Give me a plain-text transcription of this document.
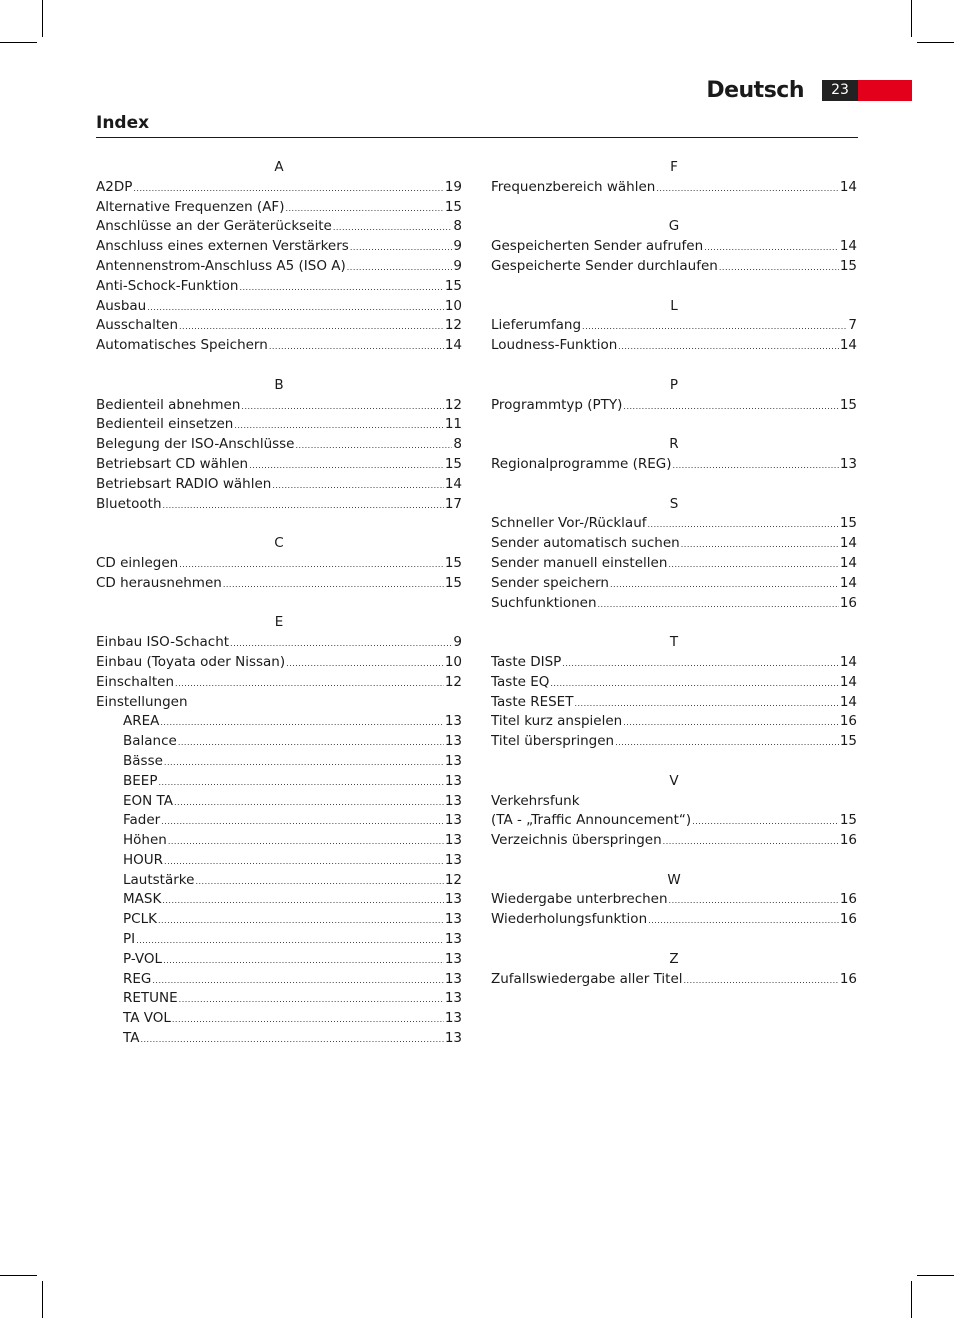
Deutsch	23
Index
A
A2DP .....	19
Alternative Frequenzen (AF) .....	15
Anschlüsse an der Geräterückseite .....	8
Anschluss eines externen Verstärkers .....	9
Antennenstrom-Anschluss A5 (ISO A) .....	9
Anti-Schock-Funktion .....	15
Ausbau .....	10
Ausschalten .....	12
Automatisches Speichern .....	14
B
Bedienteil abnehmen .....	12
Bedienteil einsetzen .....	11
Belegung der ISO-Anschlüsse .....	8
Betriebsart CD wählen .....	15
Betriebsart RADIO wählen .....	14
Bluetooth .....	17
C
CD einlegen .....	15
CD herausnehmen .....	15
E
Einbau ISO-Schacht .....	9
Einbau (Toyata oder Nissan) .....	10
Einschalten .....	12
Einstellungen
AREA .....	13
Balance .....	13
Bässe .....	13
BEEP .....	13
EON TA .....	13
Fader .....	13
Höhen .....	13
HOUR .....	13
Lautstärke .....	12
MASK .....	13
PCLK .....	13
PI .....	13
P-VOL .....	13
REG .....	13
RETUNE .....	13
TA VOL .....	13
TA .....	13
F
Frequenzbereich wählen .....	14
G
Gespeicherten Sender aufrufen .....	14
Gespeicherte Sender durchlaufen .....	15
L
Lieferumfang .....	7
Loudness-Funktion .....	14
P
Programmtyp (PTY) .....	15
R
Regionalprogramme (REG) .....	13
S
Schneller Vor-/Rücklauf .....	15
Sender automatisch suchen .....	14
Sender manuell einstellen .....	14
Sender speichern .....	14
Suchfunktionen .....	16
T
Taste DISP .....	14
Taste EQ .....	14
Taste RESET .....	14
Titel kurz anspielen .....	16
Titel überspringen .....	15
V
Verkehrsfunk
(TA - „Traffic Announcement“) .....	15
Verzeichnis überspringen .....	16
W
Wiedergabe unterbrechen .....	16
Wiederholungsfunktion .....	16
Z
Zufallswiedergabe aller Titel .....	16
